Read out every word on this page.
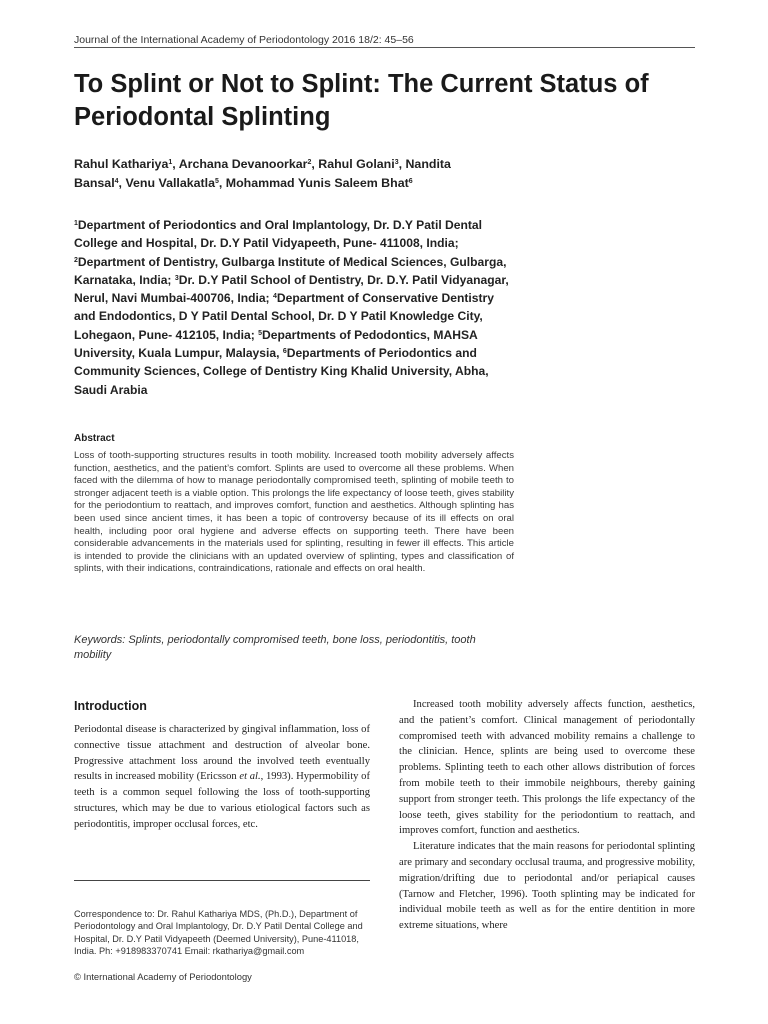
Journal of the International Academy of Periodontology 2016 18/2: 45–56
To Splint or Not to Splint: The Current Status of Periodontal Splinting

Rahul Kathariya$^1$, Archana Devanoorkar$^2$, Rahul Golani$^3$, Nandita Bansal$^4$, Venu Vallakatla$^5$, Mohammad Yunis Saleem Bhat$^6$

$^1$Department of Periodontics and Oral Implantology, Dr. D.Y Patil Dental College and Hospital, Dr. D.Y Patil Vidyapeeth, Pune- 411008, India; $^2$Department of Dentistry, Gulbarga Institute of Medical Sciences, Gulbarga, Karnataka, India; $^3$Dr. D.Y Patil School of Dentistry, Dr. D.Y. Patil Vidyanagar, Nerul, Navi Mumbai-400706, India; $^4$Department of Conservative Dentistry and Endodontics, D Y Patil Dental School, Dr. D Y Patil Knowledge City, Lohegaon, Pune- 412105, India; $^5$Departments of Pedodontics, MAHSA University, Kuala Lumpur, Malaysia, $^6$Departments of Periodontics and Community Sciences, College of Dentistry King Khalid University, Abha, Saudi Arabia

Abstract

Loss of tooth-supporting structures results in tooth mobility. Increased tooth mobility adversely affects function, aesthetics, and the patient’s comfort. Splints are used to overcome all these problems. When faced with the dilemma of how to manage periodontally compromised teeth, splinting of mobile teeth to stronger adjacent teeth is a viable option. This prolongs the life expectancy of loose teeth, gives stability for the periodontium to reattach, and improves comfort, function and aesthetics. Although splinting has been used since ancient times, it has been a topic of controversy because of its ill effects on oral health, including poor oral hygiene and adverse effects on supporting teeth. There have been considerable advancements in the materials used for splinting, resulting in fewer ill effects. This article is intended to provide the clinicians with an updated overview of splinting, types and classification of splints, with their indications, contraindications, rationale and effects on oral health.

Keywords: Splints, periodontally compromised teeth, bone loss, periodontitis, tooth mobility

Introduction

Periodontal disease is characterized by gingival inflammation, loss of connective tissue attachment and destruction of alveolar bone. Progressive attachment loss around the involved teeth eventually results in increased mobility (Ericsson et al., 1993). Hypermobility of teeth is a common sequel following the loss of tooth-supporting structures, which may be due to various etiological factors such as periodontitis, improper occlusal forces, etc.

Increased tooth mobility adversely affects function, aesthetics, and the patient’s comfort. Clinical management of periodontally compromised teeth with advanced mobility remains a challenge to the clinician. Hence, splints are being used to overcome these problems. Splinting teeth to each other allows distribution of forces from mobile teeth to their immobile neighbours, thereby gaining support from stronger teeth. This prolongs the life expectancy of the loose teeth, gives stability for the periodontium to reattach, and improves comfort, function and aesthetics.

Literature indicates that the main reasons for periodontal splinting are primary and secondary occlusal trauma, and progressive mobility, migration/drifting due to periodontal and/or periapical causes (Tarnow and Fletcher, 1996). Tooth splinting may be indicated for individual mobile teeth as well as for the entire dentition in more extreme situations, where

Correspondence to: Dr. Rahul Kathariya MDS, (Ph.D.), Department of Periodontology and Oral Implantology, Dr. D.Y Patil Dental College and Hospital, Dr. D.Y Patil Vidyapeeth (Deemed University), Pune-411018, India. Ph: +918983370741 Email: rkathariya@gmail.com

© International Academy of Periodontology
